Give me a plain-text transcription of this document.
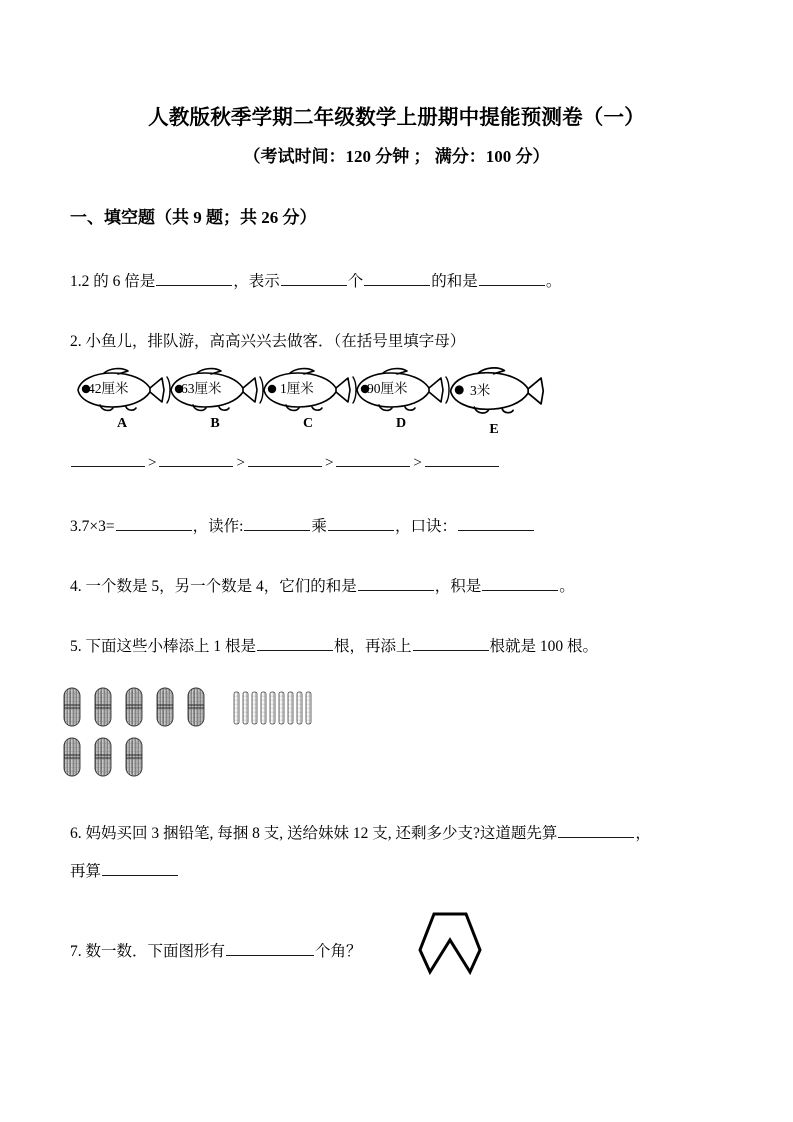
人教版秋季学期二年级数学上册期中提能预测卷（一）
（考试时间：120 分钟 ； 满分：100 分）
一、填空题（共 9 题；共 26 分）
1.2 的 6 倍是	，表示	个	的和是	。
2. 小鱼儿，排队游，高高兴兴去做客．（在括号里填字母）
42厘米
A
63厘米
B
1厘米
C
90厘米
D
3米
E
>	>	>	>
3.7×3=	，读作:	乘	，口诀：
4. 一个数是 5，另一个数是 4，它们的和是	，积是	。
5. 下面这些小棒添上 1 根是	根，再添上	根就是 100 根。
6. 妈妈买回 3 捆铅笔, 每捆 8 支, 送给妹妹 12 支, 还剩多少支?这道题先算	，
再算
7. 数一数．下面图形有	个角？
